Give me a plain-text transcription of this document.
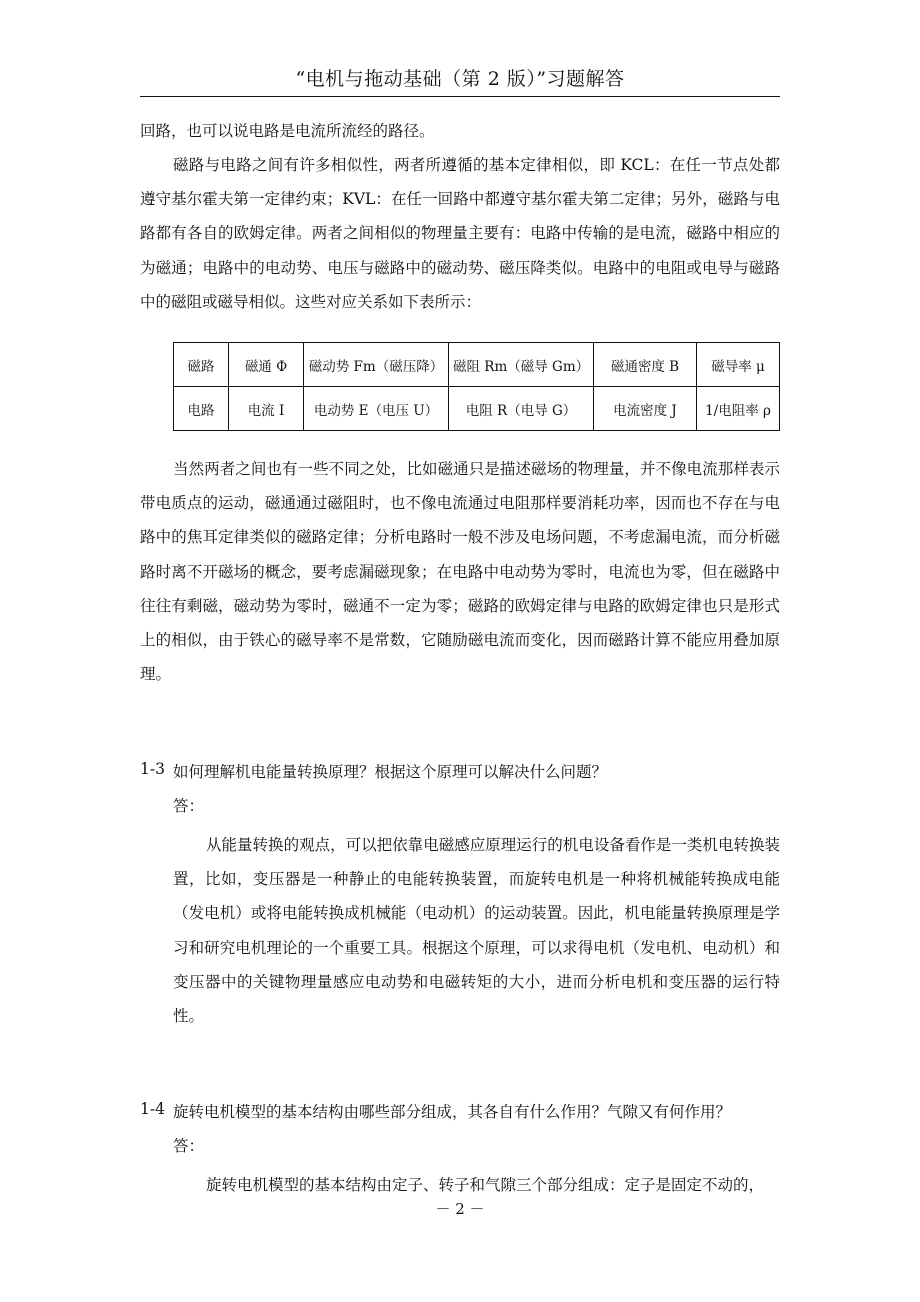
“电机与拖动基础（第 2 版）”习题解答
回路，也可以说电路是电流所流经的路径。
磁路与电路之间有许多相似性，两者所遵循的基本定律相似，即 KCL：在任一节点处都遵守基尔霍夫第一定律约束；KVL：在任一回路中都遵守基尔霍夫第二定律；另外，磁路与电路都有各自的欧姆定律。两者之间相似的物理量主要有：电路中传输的是电流，磁路中相应的为磁通；电路中的电动势、电压与磁路中的磁动势、磁压降类似。电路中的电阻或电导与磁路中的磁阻或磁导相似。这些对应关系如下表所示：
磁路	磁通 Φ	磁动势 Fm（磁压降）	磁阻 Rm（磁导 Gm）	磁通密度 B	磁导率 μ
电路	电流 I	电动势 E（电压 U）	电阻 R（电导 G）	电流密度 J	1/电阻率 ρ
当然两者之间也有一些不同之处，比如磁通只是描述磁场的物理量，并不像电流那样表示带电质点的运动，磁通通过磁阻时，也不像电流通过电阻那样要消耗功率，因而也不存在与电路中的焦耳定律类似的磁路定律；分析电路时一般不涉及电场问题，不考虑漏电流，而分析磁路时离不开磁场的概念，要考虑漏磁现象；在电路中电动势为零时，电流也为零，但在磁路中往往有剩磁，磁动势为零时，磁通不一定为零；磁路的欧姆定律与电路的欧姆定律也只是形式上的相似，由于铁心的磁导率不是常数，它随励磁电流而变化，因而磁路计算不能应用叠加原理。
1-3 如何理解机电能量转换原理？根据这个原理可以解决什么问题？
答：
从能量转换的观点，可以把依靠电磁感应原理运行的机电设备看作是一类机电转换装置，比如，变压器是一种静止的电能转换装置，而旋转电机是一种将机械能转换成电能（发电机）或将电能转换成机械能（电动机）的运动装置。因此，机电能量转换原理是学习和研究电机理论的一个重要工具。根据这个原理，可以求得电机（发电机、电动机）和变压器中的关键物理量感应电动势和电磁转矩的大小，进而分析电机和变压器的运行特性。
1-4 旋转电机模型的基本结构由哪些部分组成，其各自有什么作用？气隙又有何作用？
答：
旋转电机模型的基本结构由定子、转子和气隙三个部分组成：定子是固定不动的，
－ 2 －
